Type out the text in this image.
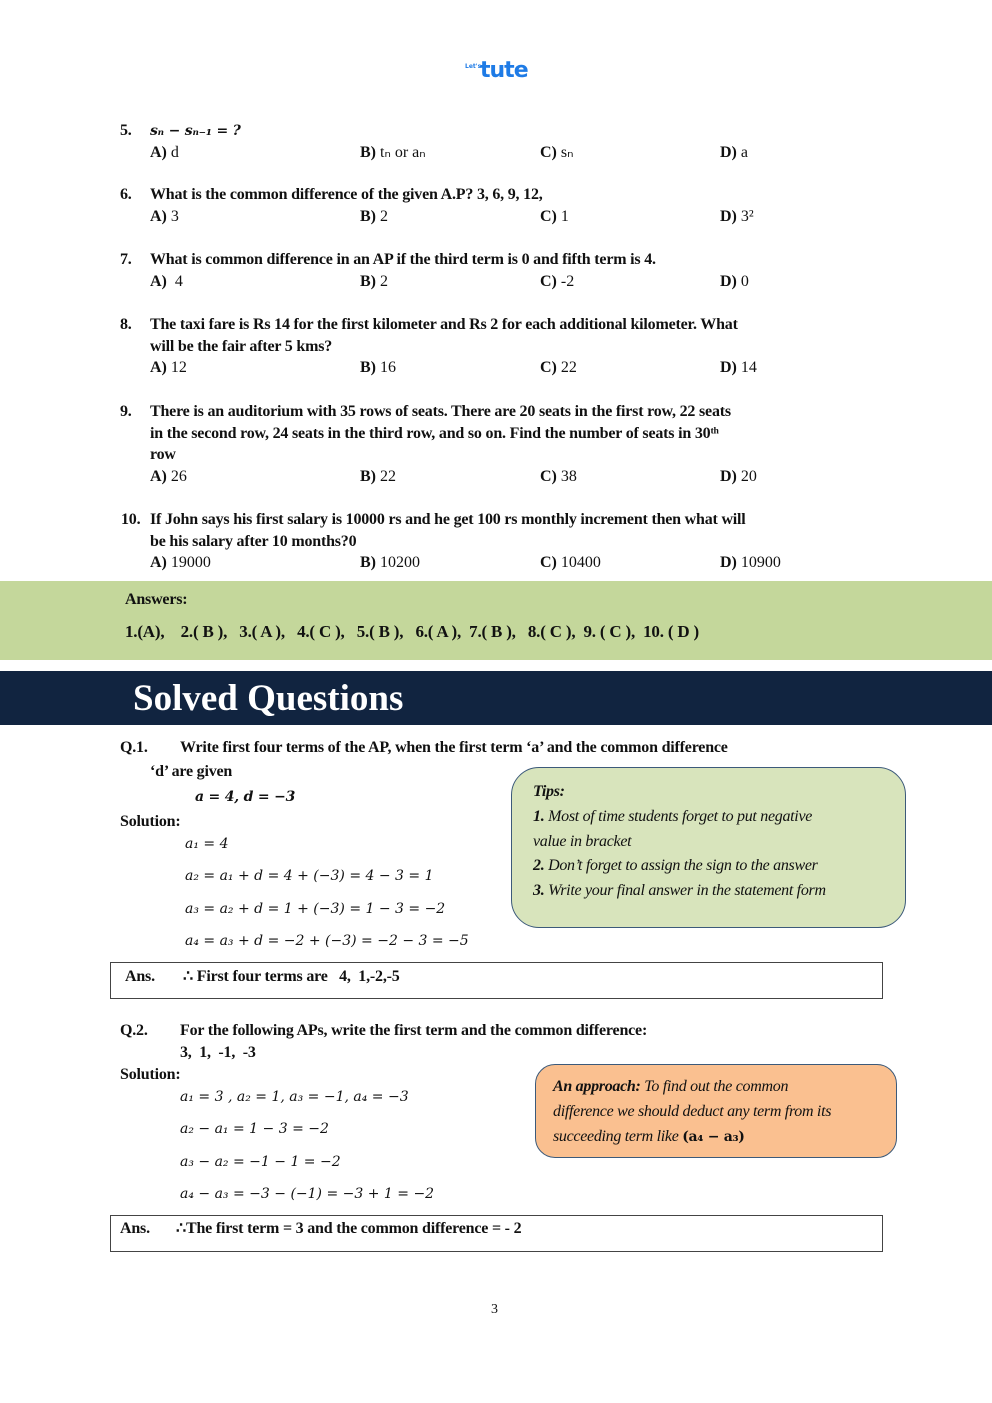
Let's
tute
5. sₙ − sₙ₋₁ = ?
A) d	B) tₙ or aₙ	C) sₙ	D) a
6. What is the common difference of the given A.P? 3, 6, 9, 12,
A) 3	B) 2	C) 1	D) 3²
7. What is common difference in an AP if the third term is 0 and fifth term is 4.
A)  4	B) 2	C) -2	D) 0
8. The taxi fare is Rs 14 for the first kilometer and Rs 2 for each additional kilometer. What
will be the fair after 5 kms?
A) 12	B) 16	C) 22	D) 14
9. There is an auditorium with 35 rows of seats. There are 20 seats in the first row, 22 seats
in the second row, 24 seats in the third row, and so on. Find the number of seats in 30ᵗʰ
row
A) 26	B) 22	C) 38	D) 20
10. If John says his first salary is 10000 rs and he get 100 rs monthly increment then what will
be his salary after 10 months?0
A) 19000	B) 10200	C) 10400	D) 10900
Answers:
1.(A),    2.( B ),   3.( A ),   4.( C ),   5.( B ),   6.( A ),  7.( B ),   8.( C ),  9. ( C ),  10. ( D )
Solved Questions
Q.1. Write first four terms of the AP, when the first term ‘a’ and the common difference
‘d’ are given
a = 4, d = −3
Solution:
a₁ = 4
a₂ = a₁ + d = 4 + (−3) = 4 − 3 = 1
a₃ = a₂ + d = 1 + (−3) = 1 − 3 = −2
a₄ = a₃ + d = −2 + (−3) = −2 − 3 = −5
Tips:
1. Most of time students forget to put negative
value in bracket
2. Don’t forget to assign the sign to the answer
3. Write your final answer in the statement form
Ans. ∴ First four terms are   4,  1,-2,-5
Q.2. For the following APs, write the first term and the common difference:
3,  1,  -1,  -3
Solution:
a₁ = 3 , a₂ = 1, a₃ = −1, a₄ = −3
a₂ − a₁ = 1 − 3 = −2
a₃ − a₂ = −1 − 1 = −2
a₄ − a₃ = −3 − (−1) = −3 + 1 = −2
An approach: To find out the common
difference we should deduct any term from its
succeeding term like (a₄ − a₃)
Ans. ∴The first term = 3 and the common difference = - 2
3
